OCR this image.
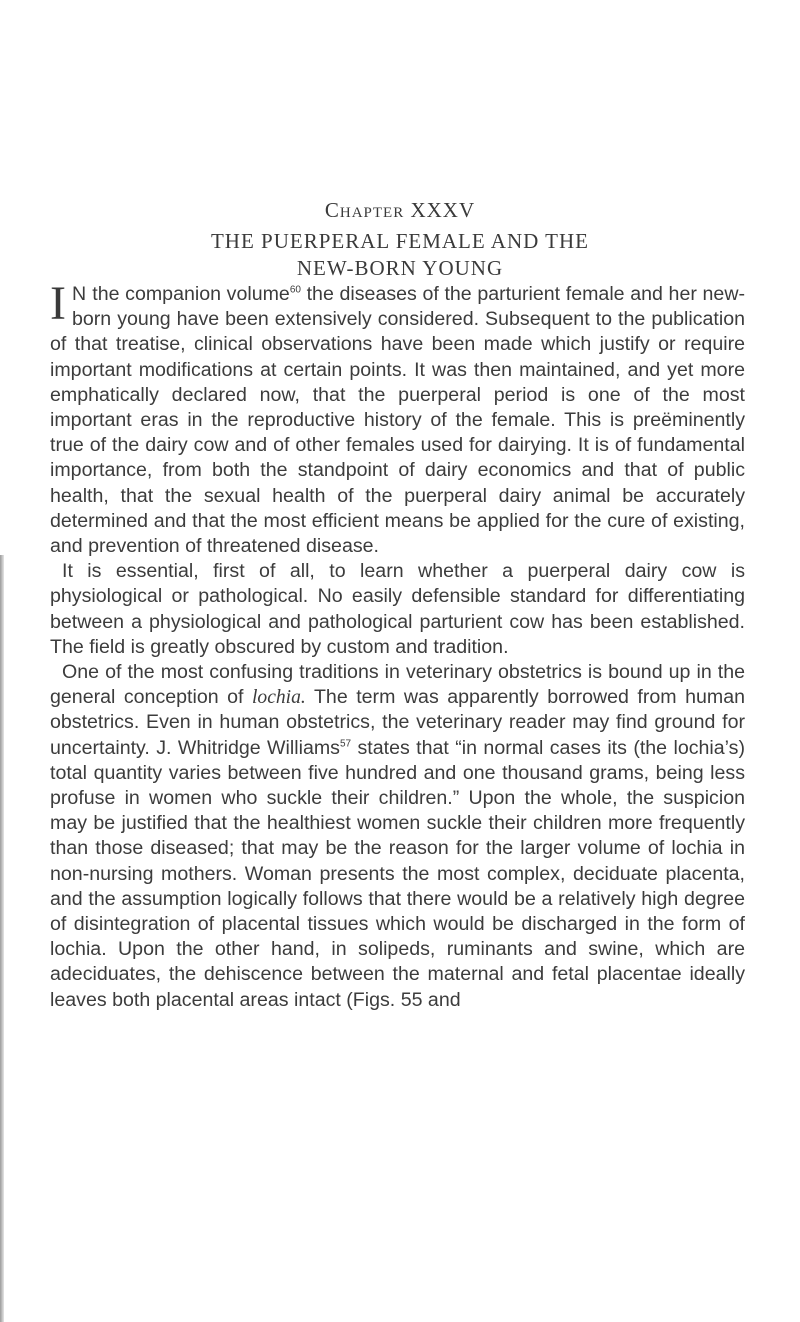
Chapter XXXV
THE PUERPERAL FEMALE AND THE
NEW-BORN YOUNG

I N the companion volume$^{60}$ the diseases of the parturient female and her new-born young have been extensively considered. Subsequent to the publication of that treatise, clinical observations have been made which justify or require important modifications at certain points. It was then maintained, and yet more emphatically declared now, that the puerperal period is one of the most important eras in the reproductive history of the female. This is preëminently true of the dairy cow and of other females used for dairying. It is of fundamental importance, from both the standpoint of dairy economics and that of public health, that the sexual health of the puerperal dairy animal be accurately determined and that the most efficient means be applied for the cure of existing, and prevention of threatened disease.

It is essential, first of all, to learn whether a puerperal dairy cow is physiological or pathological. No easily defensible standard for differentiating between a physiological and pathological parturient cow has been established. The field is greatly obscured by custom and tradition.

One of the most confusing traditions in veterinary obstetrics is bound up in the general conception of lochia. The term was apparently borrowed from human obstetrics. Even in human obstetrics, the veterinary reader may find ground for uncertainty. J. Whitridge Williams$^{57}$ states that “in normal cases its (the lochia’s) total quantity varies between five hundred and one thousand grams, being less profuse in women who suckle their children.” Upon the whole, the suspicion may be justified that the healthiest women suckle their children more frequently than those diseased; that may be the reason for the larger volume of lochia in non-nursing mothers. Woman presents the most complex, deciduate placenta, and the assumption logically follows that there would be a relatively high degree of disintegration of placental tissues which would be discharged in the form of lochia. Upon the other hand, in solipeds, ruminants and swine, which are adeciduates, the dehiscence between the maternal and fetal placentae ideally leaves both placental areas intact (Figs. 55 and
